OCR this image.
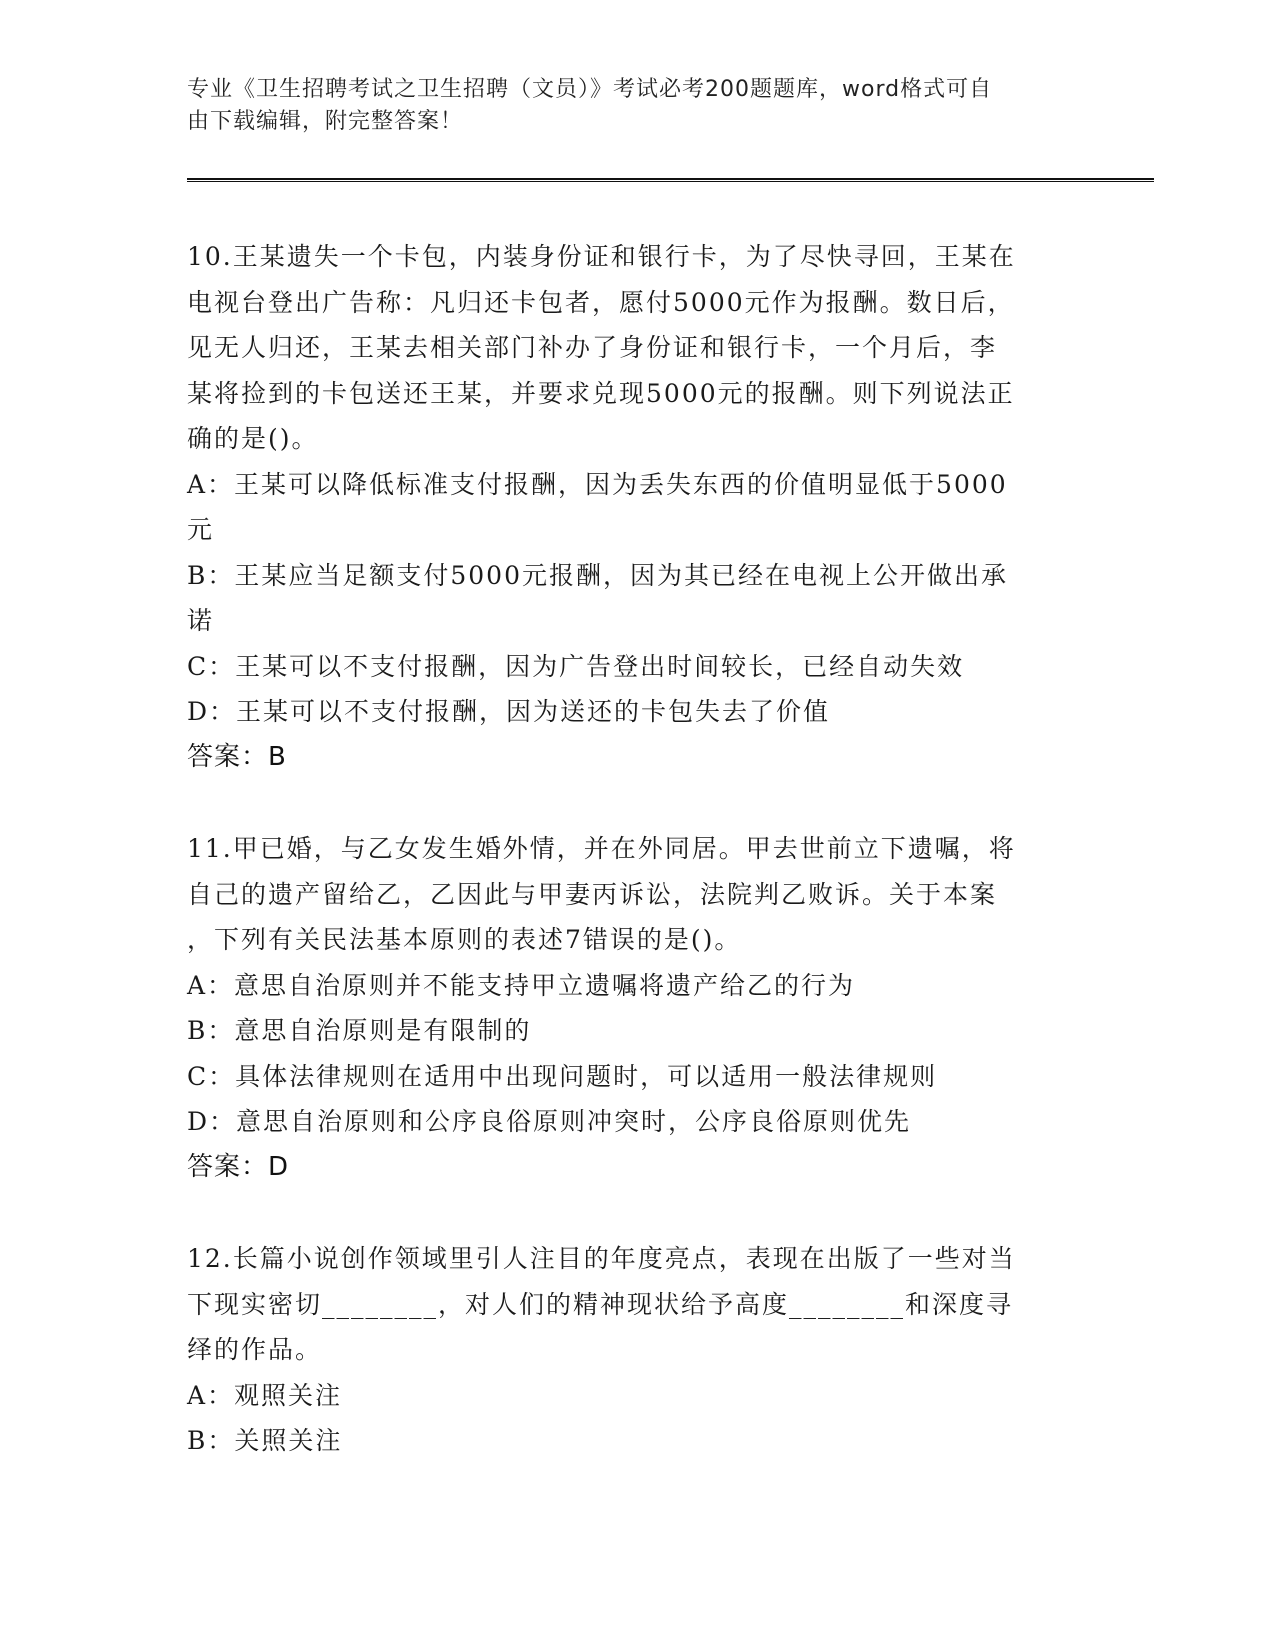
专业《卫生招聘考试之卫生招聘（文员）》考试必考200题题库，word格式可自
由下载编辑，附完整答案！

10.王某遗失一个卡包，内装身份证和银行卡，为了尽快寻回，王某在

电视台登出广告称：凡归还卡包者，愿付5000元作为报酬。数日后，

见无人归还，王某去相关部门补办了身份证和银行卡，一个月后，李

某将捡到的卡包送还王某，并要求兑现5000元的报酬。则下列说法正

确的是()。

A：王某可以降低标准支付报酬，因为丢失东西的价值明显低于5000

元

B：王某应当足额支付5000元报酬，因为其已经在电视上公开做出承

诺

C：王某可以不支付报酬，因为广告登出时间较长，已经自动失效

D：王某可以不支付报酬，因为送还的卡包失去了价值

答案：B

11.甲已婚，与乙女发生婚外情，并在外同居。甲去世前立下遗嘱，将

自己的遗产留给乙，乙因此与甲妻丙诉讼，法院判乙败诉。关于本案

，下列有关民法基本原则的表述7错误的是()。

A：意思自治原则并不能支持甲立遗嘱将遗产给乙的行为

B：意思自治原则是有限制的

C：具体法律规则在适用中出现问题时，可以适用一般法律规则

D：意思自治原则和公序良俗原则冲突时，公序良俗原则优先

答案：D

12.长篇小说创作领域里引人注目的年度亮点，表现在出版了一些对当

下现实密切________，对人们的精神现状给予高度________和深度寻

绎的作品。

A：观照关注

B：关照关注
